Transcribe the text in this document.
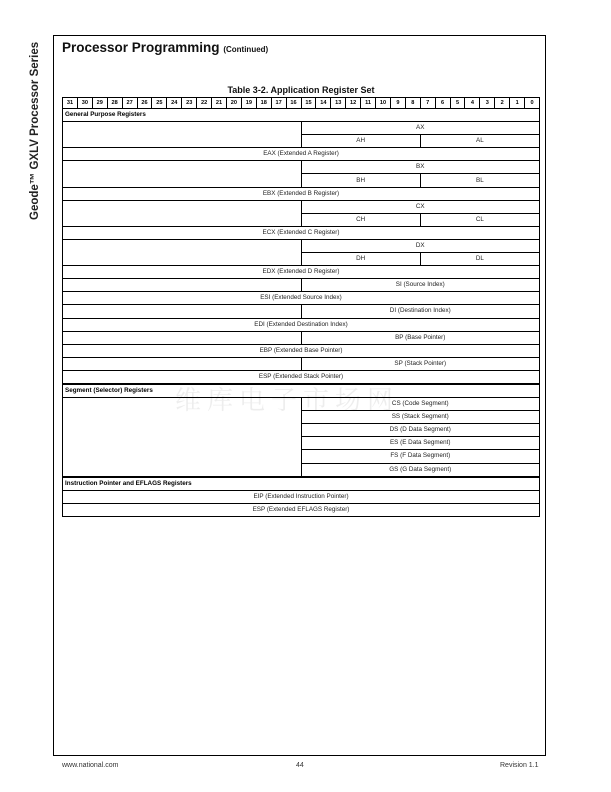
Geode™ GXLV Processor Series Processor Programming (Continued)
Table 3-2. Application Register Set
31	30	29	28	27	26	25	24	23	22	21	20	19	18	17	16	15	14	13	12	11	10	9	8	7	6	5	4	3	2	1	0
General Purpose Registers																															
																AX															
																AH								AL							
EAX (Extended A Register)																															
																BX															
																BH								BL							
EBX (Extended B Register)																															
																CX															
																CH								CL							
ECX (Extended C Register)																															
																DX															
																DH								DL							
EDX (Extended D Register)																															
																SI (Source Index)															
ESI (Extended Source Index)																															
																DI (Destination Index)															
EDI (Extended Destination Index)																															
																BP (Base Pointer)															
EBP (Extended Base Pointer)																															
																SP (Stack Pointer)															
ESP (Extended Stack Pointer)																															
Segment (Selector) Registers																															
																CS (Code Segment)															
																SS (Stack Segment)															
																DS (D Data Segment)															
																ES (E Data Segment)															
																FS (F Data Segment)															
																GS (G Data Segment)															
Instruction Pointer and EFLAGS Registers																															
EIP (Extended Instruction Pointer)																															
ESP (Extended EFLAGS Register)																															
维库电子市场网
www.national.com	44	Revision 1.1
